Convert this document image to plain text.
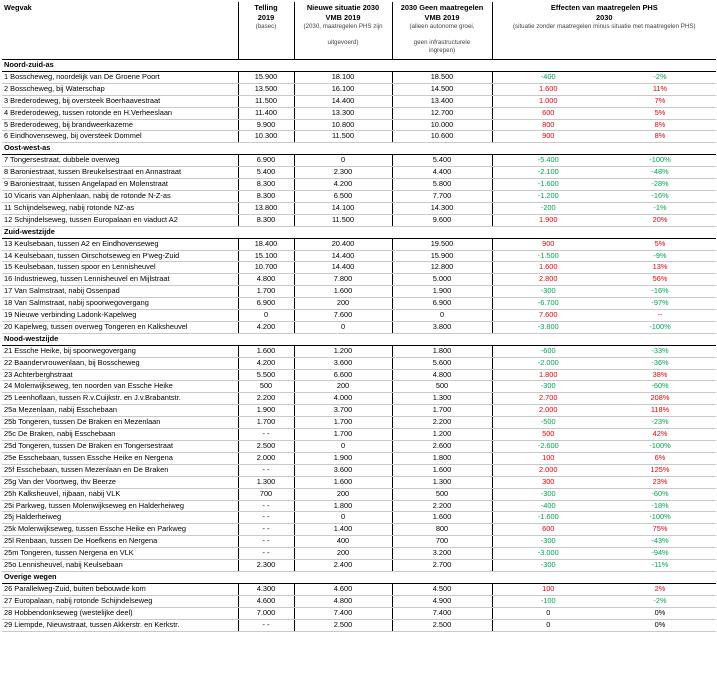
Wegvak	Telling	Nieuwe situatie 2030	2030 Geen maatregelen	Effecten van maatregelen PHS	
	2019	VMB 2019	VMB 2019	2030	
	(basec)	(2030, maatregelen PHS zijn	(alleen autonome groei,	(situatie zonder maatregelen minus situatie met maatregelen PHS)	
		uitgevoerd)	geen infrastructurele		
			ingrepen)		

Noord-zuid-as					
1 Bosscheweg, noordelijk van De Groene Poort	15.900	18.100	18.500	-400	-2%
2 Bosscheweg, bij Waterschap	13.500	16.100	14.500	1.600	11%
3 Brederodeweg, bij oversteek Boerhaavestraat	11.500	14.400	13.400	1.000	7%
4 Brederodeweg, tussen rotonde en H.Verheeslaan	11.400	13.300	12.700	600	5%
5 Brederodeweg, bij brandweerkazerne	9.900	10.800	10.000	800	8%
6 Eindhovenseweg, bij oversteek Dommel	10.300	11.500	10.600	900	8%
Oost-west-as					
7 Tongersestraat, dubbele overweg	6.900	0	5.400	-5.400	-100%
8 Baroniestraat, tussen Breukelsestraat en Annastraat	5.400	2.300	4.400	-2.100	-48%
9 Baroniestraat, tussen Angelapad en Molenstraat	8.300	4.200	5.800	-1.600	-28%
10 Vicaris van Alphenlaan, nabij de rotonde N-Z-as	8.300	6.500	7.700	-1.200	-16%
11 Schijndelseweg, nabij rotonde NZ-as	13.800	14.100	14.300	-200	-1%
12 Schijndelseweg, tussen Europalaan en viaduct A2	8.300	11.500	9.600	1.900	20%
Zuid-westzijde					
13 Keulsebaan, tussen A2 en Eindhovenseweg	18.400	20.400	19.500	900	5%
14 Keulsebaan, tussen Oirschotseweg en P'weg-Zuid	15.100	14.400	15.900	-1.500	-9%
15 Keulsebaan, tussen spoor en Lennisheuvel	10.700	14.400	12.800	1.600	13%
16 Industrieweg, tussen Lennisheuvel en Mijlstraat	4.800	7.800	5.000	2.800	56%
17 Van Salmstraat, nabij Ossenpad	1.700	1.600	1.900	-300	-16%
18 Van Salmstraat, nabij spoorwegovergang	6.900	200	6.900	-6.700	-97%
19 Nieuwe verbinding Ladonk-Kapelweg	0	7.600	0	7.600	--
20 Kapelweg, tussen overweg Tongeren en Kalksheuvel	4.200	0	3.800	-3.800	-100%
Nood-westzijde					
21 Essche Heike, bij spoorwegovergang	1.600	1.200	1.800	-600	-33%
22 Baandervrouwenlaan, bij Bosscheweg	4.200	3.600	5.600	-2.000	-36%
23 Achterberghstraat	5.500	6.600	4.800	1.800	38%
24 Molenwijkseweg, ten noorden van Essche Heike	500	200	500	-300	-60%
25 Leenhoflaan, tussen R.v.Cuijkstr. en J.v.Brabantstr.	2.200	4.000	1.300	2.700	208%
25a Mezenlaan, nabij Esschebaan	1.900	3.700	1.700	2.000	118%
25b Tongeren, tussen De Braken en Mezenlaan	1.700	1.700	2.200	-500	-23%
25c De Braken, nabij Esschebaan	- -	1.700	1.200	500	42%
25d Tongeren, tussen De Braken en Tongersestraat	2.500	0	2.600	-2.600	-100%
25e Esschebaan, tussen Essche Heike en Nergena	2.000	1.900	1.800	100	6%
25f Esschebaan, tussen Mezenlaan en De Braken	- -	3.600	1.600	2.000	125%
25g Van der Voortweg, thv Beerze	1.300	1.600	1.300	300	23%
25h Kalksheuvel, rijbaan, nabij VLK	700	200	500	-300	-60%
25i Parkweg, tussen Molenwijkseweg en Halderheiweg	- -	1.800	2.200	-400	-18%
25j Halderheiweg	- -	0	1.600	-1.600	-100%
25k Molenwijkseweg, tussen Essche Heike en Parkweg	- -	1.400	800	600	75%
25l Renbaan, tussen De Hoefkens en Nergena	- -	400	700	-300	-43%
25m Tongeren, tussen Nergena en VLK	- -	200	3.200	-3.000	-94%
25o Lennisheuvel, nabij Keulsebaan	2.300	2.400	2.700	-300	-11%
Overige wegen					
26 Parallelweg-Zuid, buiten bebouwde kom	4.300	4.600	4.500	100	2%
27 Europalaan, nabij rotonde Schijndelseweg	4.600	4.800	4.900	-100	-2%
28 Hobbendonkseweg (westelijke deel)	7.000	7.400	7.400	0	0%
29 Liempde, Nieuwstraat, tussen Akkerstr. en Kerkstr.	- -	2.500	2.500	0	0%
